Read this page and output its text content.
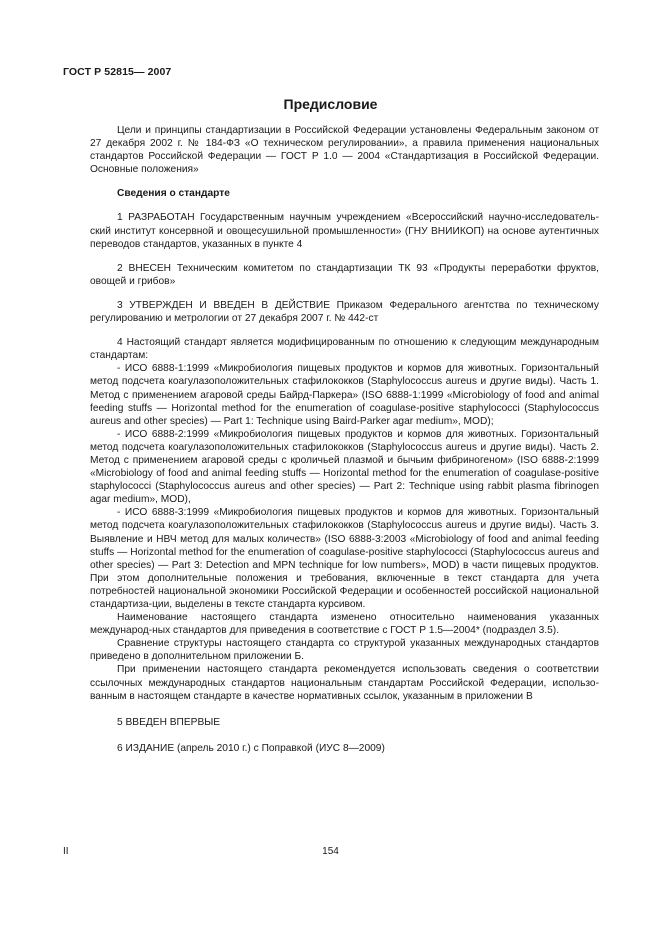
ГОСТ Р 52815— 2007
Предисловие

Цели и принципы стандартизации в Российской Федерации установлены Федеральным законом от 27 декабря 2002 г. № 184-ФЗ «О техническом регулировании», а правила применения национальных стандартов Российской Федерации — ГОСТ Р 1.0 — 2004 «Стандартизация в Российской Федерации. Основные положения»

Сведения о стандарте

1 РАЗРАБОТАН Государственным научным учреждением «Всероссийский научно-исследователь-ский институт консервной и овощесушильной промышленности» (ГНУ ВНИИКОП) на основе аутентичных переводов стандартов, указанных в пункте 4

2 ВНЕСЕН Техническим комитетом по стандартизации ТК 93 «Продукты переработки фруктов, овощей и грибов»

3 УТВЕРЖДЕН И ВВЕДЕН В ДЕЙСТВИЕ Приказом Федерального агентства по техническому регулированию и метрологии от 27 декабря 2007 г. № 442-ст

4 Настоящий стандарт является модифицированным по отношению к следующим международным стандартам:

- ИСО 6888-1:1999 «Микробиология пищевых продуктов и кормов для животных. Горизонтальный метод подсчета коагулазоположительных стафилококков (Staphylococcus aureus и другие виды). Часть 1. Метод с применением агаровой среды Байрд-Паркера» (ISO 6888-1:1999 «Microbiology of food and animal feeding stuffs — Horizontal method for the enumeration of coagulase-positive staphylococci (Staphylococcus aureus and other species) — Part 1: Technique using Baird-Parker agar medium», MOD);

- ИСО 6888-2:1999 «Микробиология пищевых продуктов и кормов для животных. Горизонтальный метод подсчета коагулазоположительных стафилококков (Staphylococcus aureus и другие виды). Часть 2. Метод с применением агаровой среды с кроличьей плазмой и бычьим фибриногеном» (ISO 6888-2:1999 «Microbiology of food and animal feeding stuffs — Horizontal method for the enumeration of coagulase-positive staphylococci (Staphylococcus aureus and other species) — Part 2: Technique using rabbit plasma fibrinogen agar medium», MOD),

- ИСО 6888-3:1999 «Микробиология пищевых продуктов и кормов для животных. Горизонтальный метод подсчета коагулазоположительных стафилококков (Staphylococcus aureus и другие виды). Часть 3. Выявление и НВЧ метод для малых количеств» (ISO 6888-3:2003 «Microbiology of food and animal feeding stuffs — Horizontal method for the enumeration of coagulase-positive staphylococci (Staphylococcus aureus and other species) — Part 3: Detection and MPN technique for low numbers», MOD) в части пищевых продуктов. При этом дополнительные положения и требования, включенные в текст стандарта для учета потребностей национальной экономики Российской Федерации и особенностей российской национальной стандартиза-ции, выделены в тексте стандарта курсивом.

Наименование настоящего стандарта изменено относительно наименования указанных международ-ных стандартов для приведения в соответствие с ГОСТ Р 1.5—2004* (подраздел 3.5).

Сравнение структуры настоящего стандарта со структурой указанных международных стандартов приведено в дополнительном приложении Б.

При применении настоящего стандарта рекомендуется использовать сведения о соответствии ссылочных международных стандартов национальным стандартам Российской Федерации, использо-ванным в настоящем стандарте в качестве нормативных ссылок, указанным в приложении В

5 ВВЕДЕН ВПЕРВЫЕ

6 ИЗДАНИЕ (апрель 2010 г.) с Поправкой (ИУС 8—2009)

II	154
